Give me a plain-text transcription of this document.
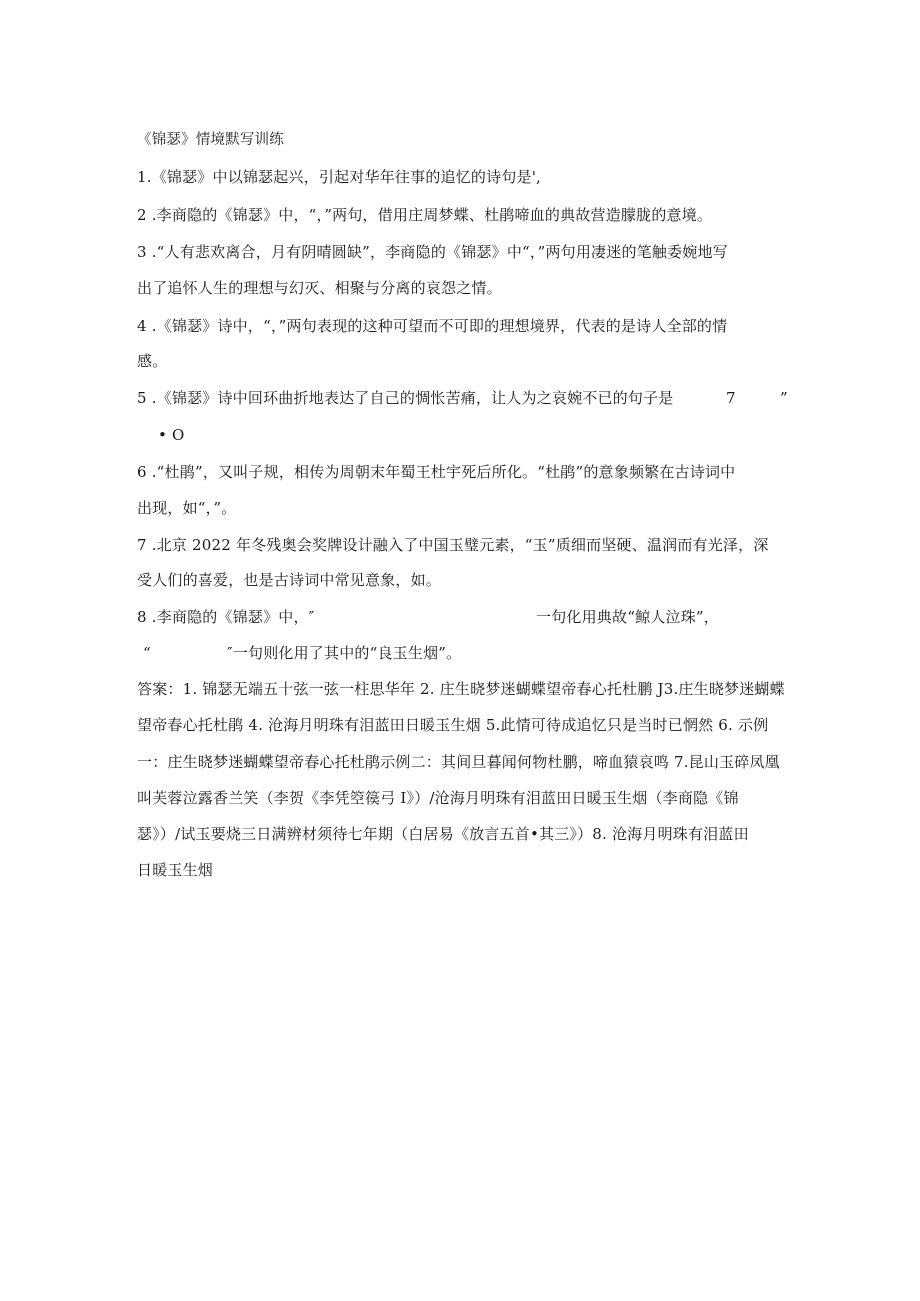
《锦瑟》情境默写训练
1.《锦瑟》中以锦瑟起兴，引起对华年往事的追忆的诗句是',
2 .李商隐的《锦瑟》中，“，”两句，借用庄周梦蝶、杜鹃啼血的典故营造朦胧的意境。
3 .“人有悲欢离合，月有阴晴圆缺”，李商隐的《锦瑟》中“，”两句用凄迷的笔触委婉地写
出了追怀人生的理想与幻灭、相聚与分离的哀怨之情。
4 .《锦瑟》诗中，“，”两句表现的这种可望而不可即的理想境界，代表的是诗人全部的情
感。
5 .《锦瑟》诗中回环曲折地表达了自己的惆怅苦痛，让人为之哀婉不已的句子是	7	”
• O
6 .“杜鹃”，又叫子规，相传为周朝末年蜀王杜宇死后所化。“杜鹃”的意象频繁在古诗词中
出现，如“，”。
7 .北京 2022 年冬残奥会奖牌设计融入了中国玉璧元素，“玉”质细而坚硬、温润而有光泽，深
受人们的喜爱，也是古诗词中常见意象，如。
8 .李商隐的《锦瑟》中，″	一句化用典故“鲸人泣珠”，
“	″一句则化用了其中的“良玉生烟”。
答案：1. 锦瑟无端五十弦一弦一柱思华年 2. 庄生晓梦迷蝴蝶望帝春心托杜鹏 J3.庄生晓梦迷蝴蝶
望帝春心托杜鹃 4. 沧海月明珠有泪蓝田日暖玉生烟 5.此情可待成追忆只是当时已惘然 6. 示例
一：庄生晓梦迷蝴蝶望帝春心托杜鹃示例二：其间旦暮闻何物杜鹏，啼血猿哀鸣 7.昆山玉碎凤凰
叫芙蓉泣露香兰笑（李贺《李凭箜篌弓 I》）/沧海月明珠有泪蓝田日暖玉生烟（李商隐《锦
瑟》）/试玉要烧三日满辨材须待七年期（白居易《放言五首•其三》）8. 沧海月明珠有泪蓝田
日暖玉生烟
